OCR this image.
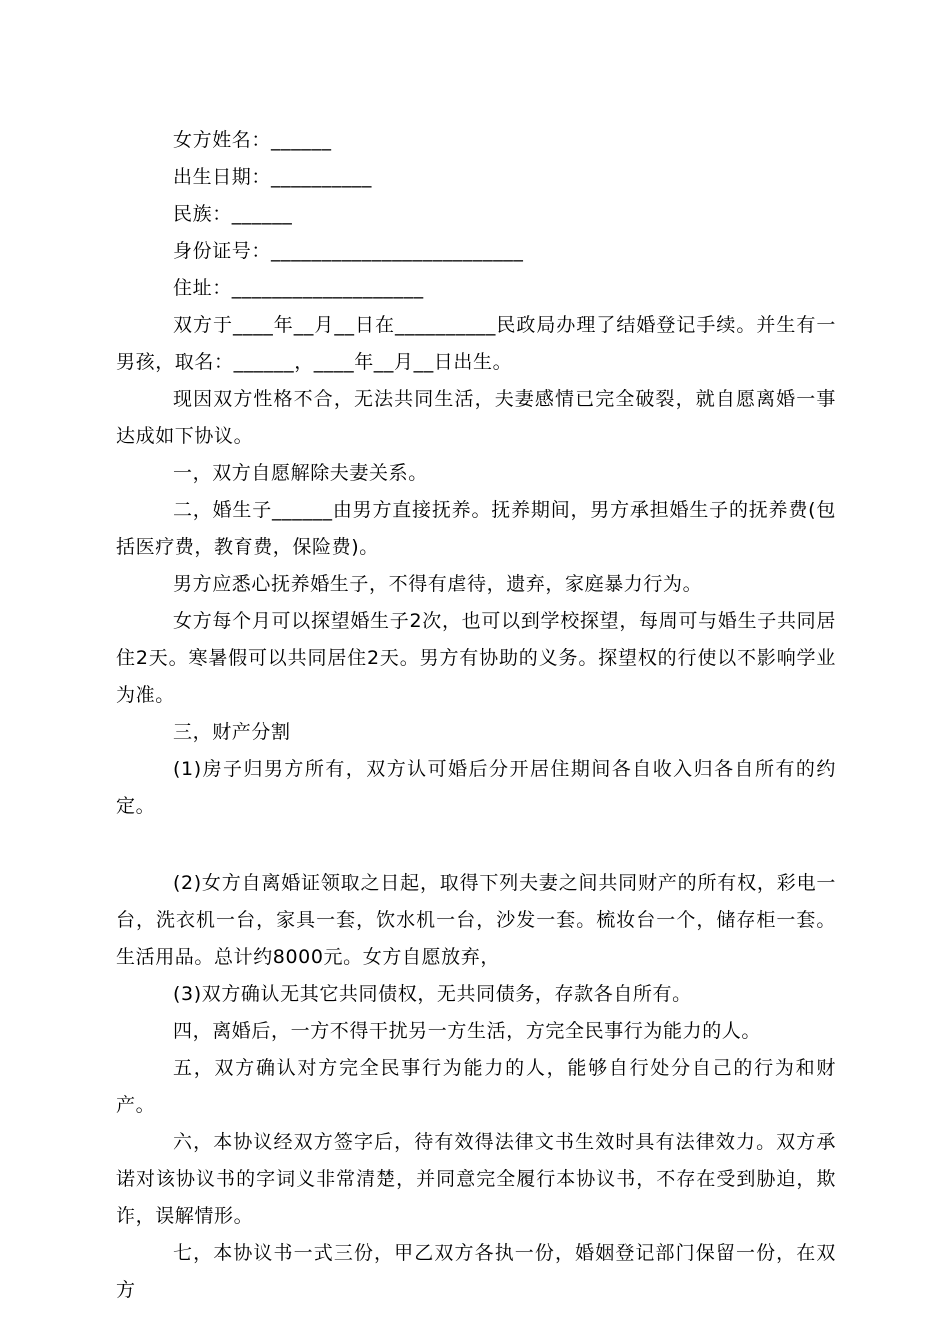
女方姓名：______
出生日期：__________
民族：______
身份证号：_________________________
住址：___________________

双方于____年__月__日在__________民政局办理了结婚登记手续。并生有一男孩，取名：______，____年__月__日出生。

现因双方性格不合，无法共同生活，夫妻感情已完全破裂，就自愿离婚一事达成如下协议。

一，双方自愿解除夫妻关系。

二，婚生子______由男方直接抚养。抚养期间，男方承担婚生子的抚养费(包括医疗费，教育费，保险费)。

男方应悉心抚养婚生子，不得有虐待，遗弃，家庭暴力行为。

女方每个月可以探望婚生子2次，也可以到学校探望，每周可与婚生子共同居住2天。寒暑假可以共同居住2天。男方有协助的义务。探望权的行使以不影响学业为准。

三，财产分割

(1)房子归男方所有，双方认可婚后分开居住期间各自收入归各自所有的约定。

(2)女方自离婚证领取之日起，取得下列夫妻之间共同财产的所有权，彩电一台，洗衣机一台，家具一套，饮水机一台，沙发一套。梳妆台一个，储存柜一套。生活用品。总计约8000元。女方自愿放弃，

(3)双方确认无其它共同债权，无共同债务，存款各自所有。

四，离婚后，一方不得干扰另一方生活，方完全民事行为能力的人。

五，双方确认对方完全民事行为能力的人，能够自行处分自己的行为和财产。

六，本协议经双方签字后，待有效得法律文书生效时具有法律效力。双方承诺对该协议书的字词义非常清楚，并同意完全履行本协议书，不存在受到胁迫，欺诈，误解情形。

七，本协议书一式三份，甲乙双方各执一份，婚姻登记部门保留一份，在双方
